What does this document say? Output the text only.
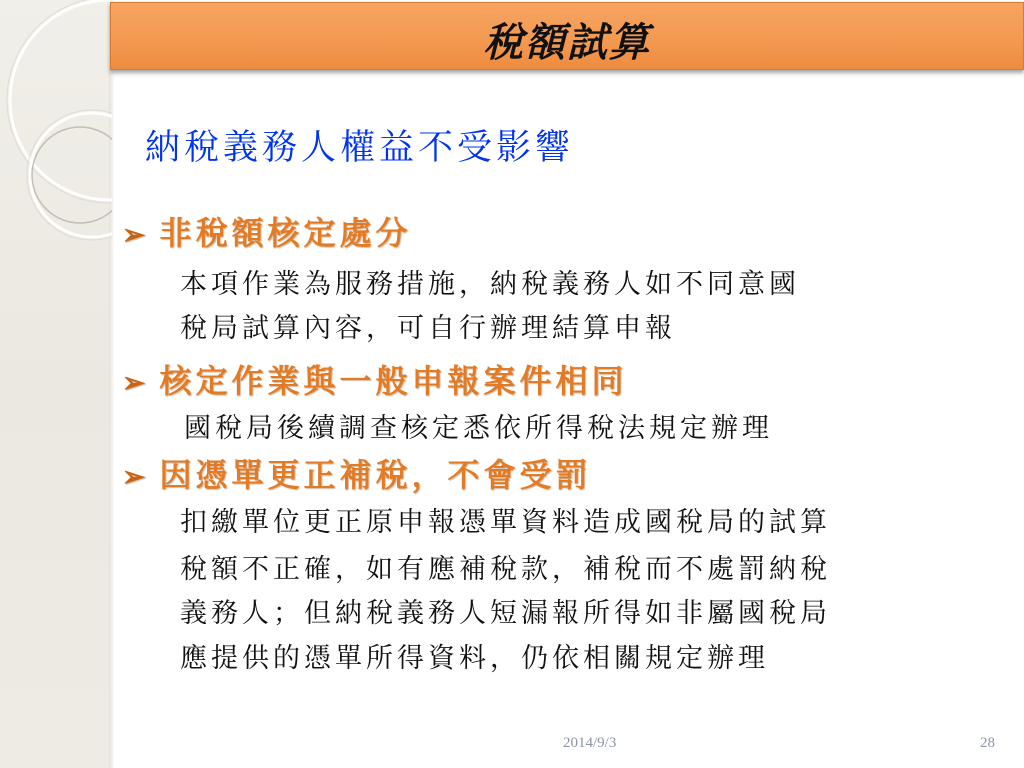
稅額試算
納稅義務人權益不受影響
➢ 非稅額核定處分
本項作業為服務措施，納稅義務人如不同意國
稅局試算內容，可自行辦理結算申報
➢ 核定作業與一般申報案件相同
國稅局後續調查核定悉依所得稅法規定辦理
➢ 因憑單更正補稅，不會受罰
扣繳單位更正原申報憑單資料造成國稅局的試算
稅額不正確，如有應補稅款，補稅而不處罰納稅
義務人；但納稅義務人短漏報所得如非屬國稅局
應提供的憑單所得資料，仍依相關規定辦理
2014/9/3	28
